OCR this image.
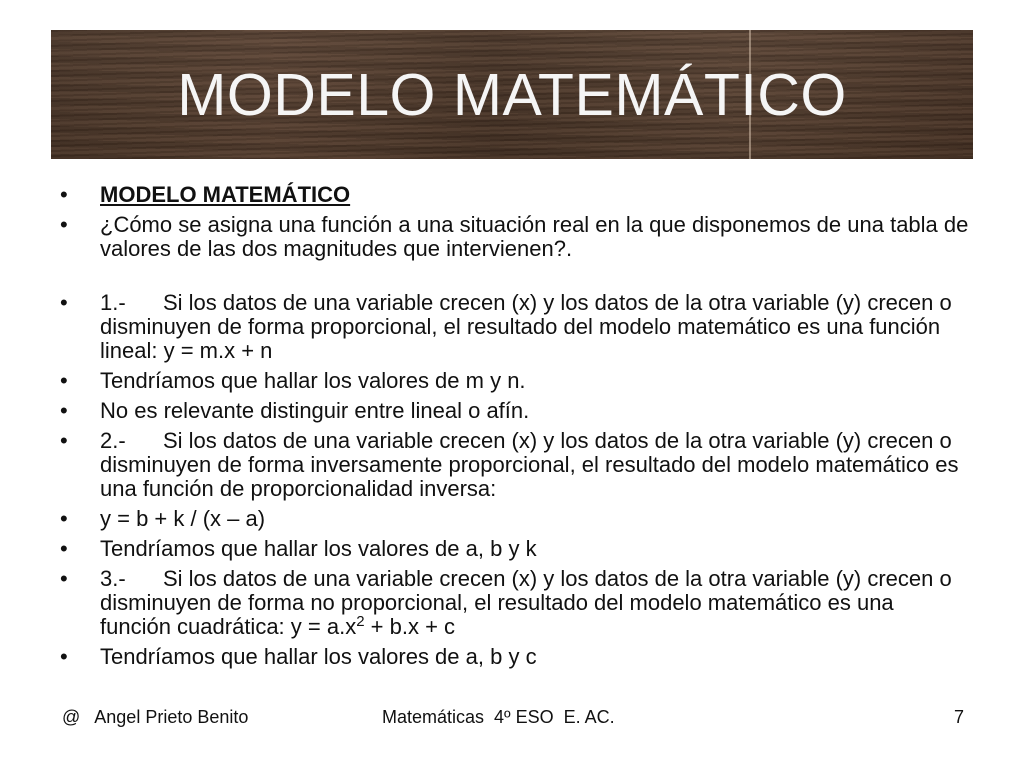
MODELO MATEMÁTICO
•	MODELO MATEMÁTICO
•	¿Cómo se asigna una función a una situación real en la que disponemos de una tabla de valores de las dos magnitudes que intervienen?.
•	1.- Si los datos de una variable crecen (x) y los datos de la otra variable (y) crecen o disminuyen de forma proporcional, el resultado del modelo matemático es una función lineal: y = m.x + n
•	Tendríamos que hallar los valores de m y n.
•	No es relevante distinguir entre lineal o afín.
•	2.- Si los datos de una variable crecen (x) y los datos de la otra variable (y) crecen o disminuyen de forma inversamente proporcional, el resultado del modelo matemático es una función de proporcionalidad inversa:
•	y = b + k / (x – a)
•	Tendríamos que hallar los valores de a, b y k
•	3.- Si los datos de una variable crecen (x) y los datos de la otra variable (y) crecen o disminuyen de forma no proporcional, el resultado del modelo matemático es una función cuadrática: $y = a.x^2 + b.x + c$
•	Tendríamos que hallar los valores de a, b y c
@   Angel Prieto Benito	Matemáticas  4º ESO  E. AC.	7
